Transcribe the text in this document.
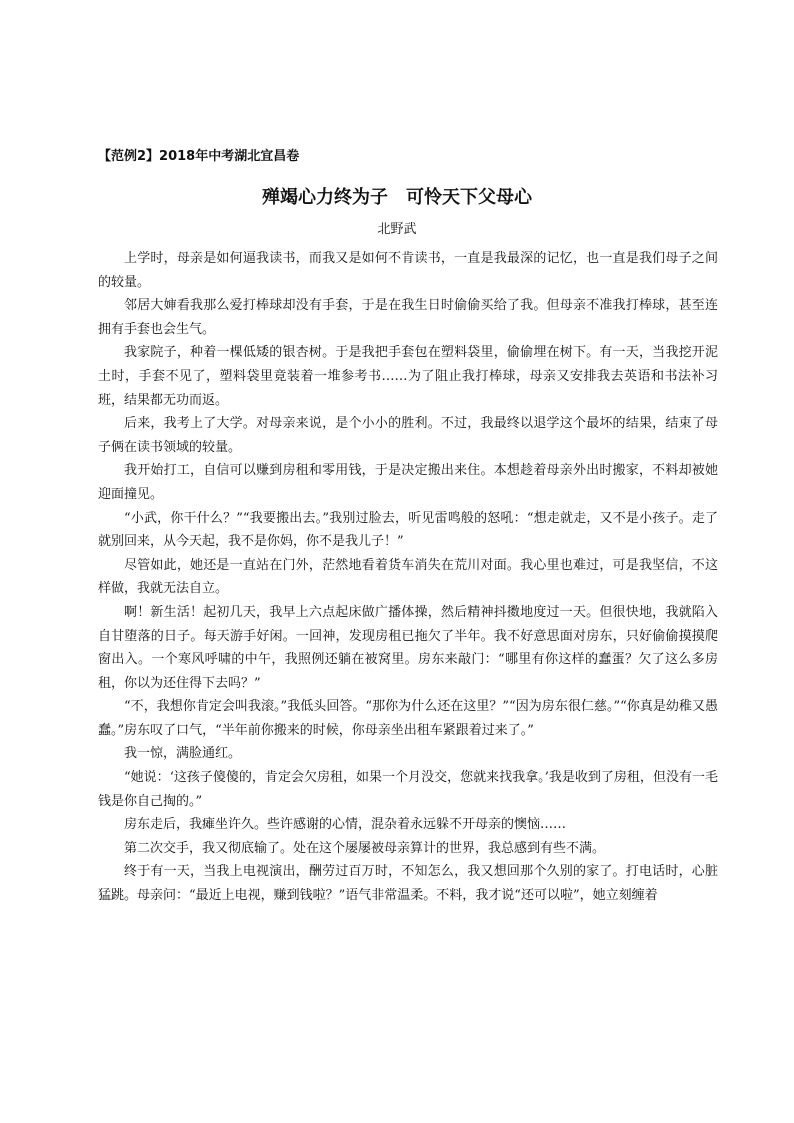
【范例2】2018年中考湖北宜昌卷
殚竭心力终为子　可怜天下父母心
北野武

上学时，母亲是如何逼我读书，而我又是如何不肯读书，一直是我最深的记忆，也一直是我们母子之间的较量。

邻居大婶看我那么爱打棒球却没有手套，于是在我生日时偷偷买给了我。但母亲不准我打棒球，甚至连拥有手套也会生气。

我家院子，种着一棵低矮的银杏树。于是我把手套包在塑料袋里，偷偷埋在树下。有一天，当我挖开泥土时，手套不见了，塑料袋里竟装着一堆参考书……为了阻止我打棒球，母亲又安排我去英语和书法补习班，结果都无功而返。

后来，我考上了大学。对母亲来说，是个小小的胜利。不过，我最终以退学这个最坏的结果，结束了母子俩在读书领域的较量。

我开始打工，自信可以赚到房租和零用钱，于是决定搬出来住。本想趁着母亲外出时搬家，不料却被她迎面撞见。

“小武，你干什么？”“我要搬出去。”我别过脸去，听见雷鸣般的怒吼：“想走就走，又不是小孩子。走了就别回来，从今天起，我不是你妈，你不是我儿子！”

尽管如此，她还是一直站在门外，茫然地看着货车消失在荒川对面。我心里也难过，可是我坚信，不这样做，我就无法自立。

啊！新生活！起初几天，我早上六点起床做广播体操，然后精神抖擞地度过一天。但很快地，我就陷入自甘堕落的日子。每天游手好闲。一回神，发现房租已拖欠了半年。我不好意思面对房东，只好偷偷摸摸爬窗出入。一个寒风呼啸的中午，我照例还躺在被窝里。房东来敲门：“哪里有你这样的蠢蛋？欠了这么多房租，你以为还住得下去吗？”

“不，我想你肯定会叫我滚。”我低头回答。“那你为什么还在这里？”“因为房东很仁慈。”“你真是幼稚又愚蠢。”房东叹了口气，“半年前你搬来的时候，你母亲坐出租车紧跟着过来了。”

我一惊，满脸通红。

“她说：‘这孩子傻傻的，肯定会欠房租，如果一个月没交，您就来找我拿。’我是收到了房租，但没有一毛钱是你自己掏的。”

房东走后，我瘫坐许久。些许感谢的心情，混杂着永远躲不开母亲的懊恼……

第二次交手，我又彻底输了。处在这个屡屡被母亲算计的世界，我总感到有些不满。

终于有一天，当我上电视演出，酬劳过百万时，不知怎么，我又想回那个久别的家了。打电话时，心脏猛跳。母亲问：“最近上电视，赚到钱啦？”语气非常温柔。不料，我才说“还可以啦”，她立刻缠着
